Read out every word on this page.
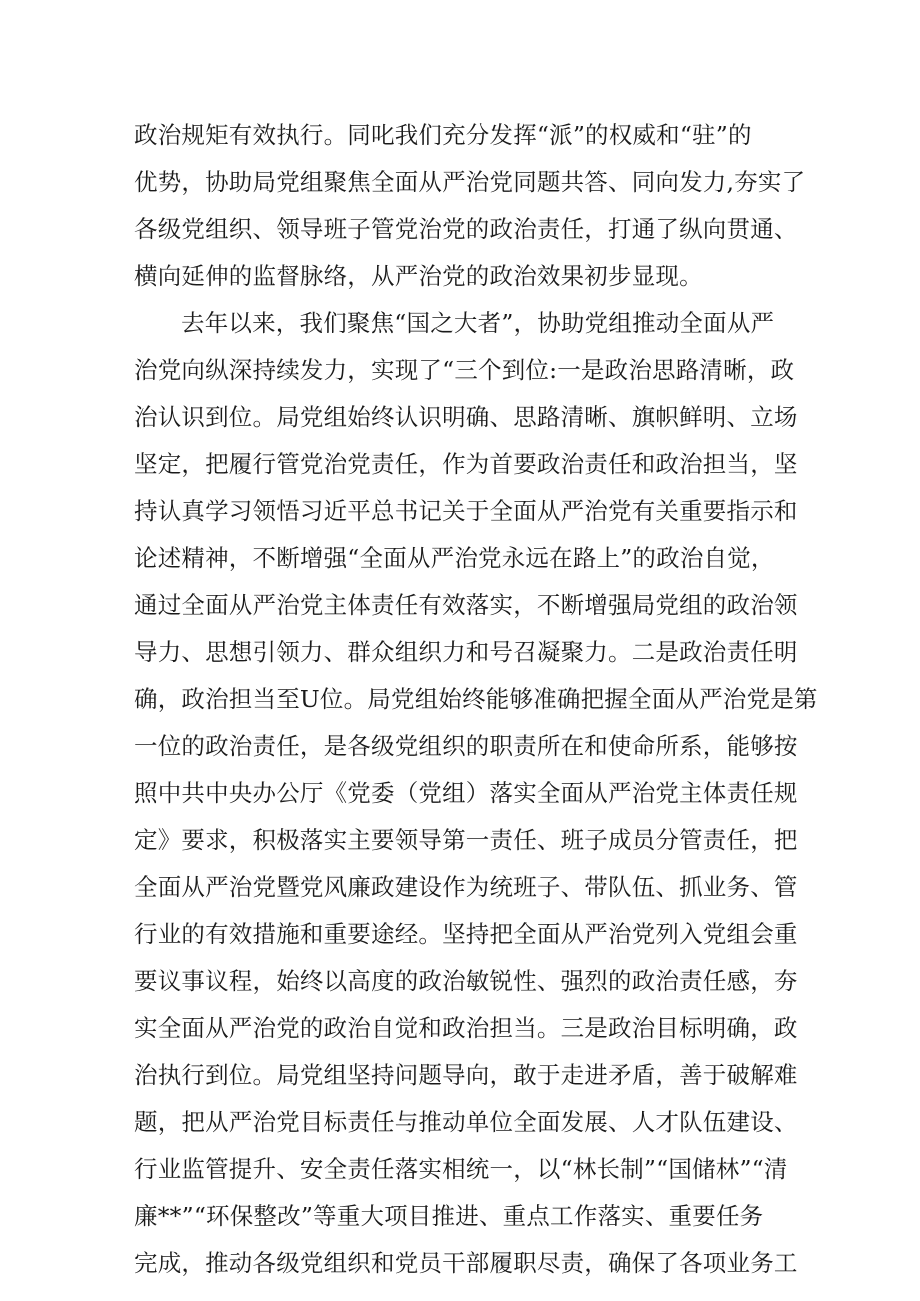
政治规矩有效执行。同叱我们充分发挥“派”的权威和“驻”的
优势，协助局党组聚焦全面从严治党同题共答、同向发力,夯实了
各级党组织、领导班子管党治党的政治责任，打通了纵向贯通、
横向延伸的监督脉络，从严治党的政治效果初步显现。
去年以来，我们聚焦“国之大者”，协助党组推动全面从严
治党向纵深持续发力，实现了“三个到位:一是政治思路清晰，政
治认识到位。局党组始终认识明确、思路清晰、旗帜鲜明、立场
坚定，把履行管党治党责任，作为首要政治责任和政治担当，坚
持认真学习领悟习近平总书记关于全面从严治党有关重要指示和
论述精神，不断增强“全面从严治党永远在路上”的政治自觉，
通过全面从严治党主体责任有效落实，不断增强局党组的政治领
导力、思想引领力、群众组织力和号召凝聚力。二是政治责任明
确，政治担当至U位。局党组始终能够准确把握全面从严治党是第
一位的政治责任，是各级党组织的职责所在和使命所系，能够按
照中共中央办公厅《党委（党组）落实全面从严治党主体责任规
定》要求，积极落实主要领导第一责任、班子成员分管责任，把
全面从严治党暨党风廉政建设作为统班子、带队伍、抓业务、管
行业的有效措施和重要途经。坚持把全面从严治党列入党组会重
要议事议程，始终以高度的政治敏锐性、强烈的政治责任感，夯
实全面从严治党的政治自觉和政治担当。三是政治目标明确，政
治执行到位。局党组坚持问题导向，敢于走进矛盾，善于破解难
题，把从严治党目标责任与推动单位全面发展、人才队伍建设、
行业监管提升、安全责任落实相统一，以“林长制”“国储林”“清
廉**”“环保整改”等重大项目推进、重点工作落实、重要任务
完成，推动各级党组织和党员干部履职尽责，确保了各项业务工
